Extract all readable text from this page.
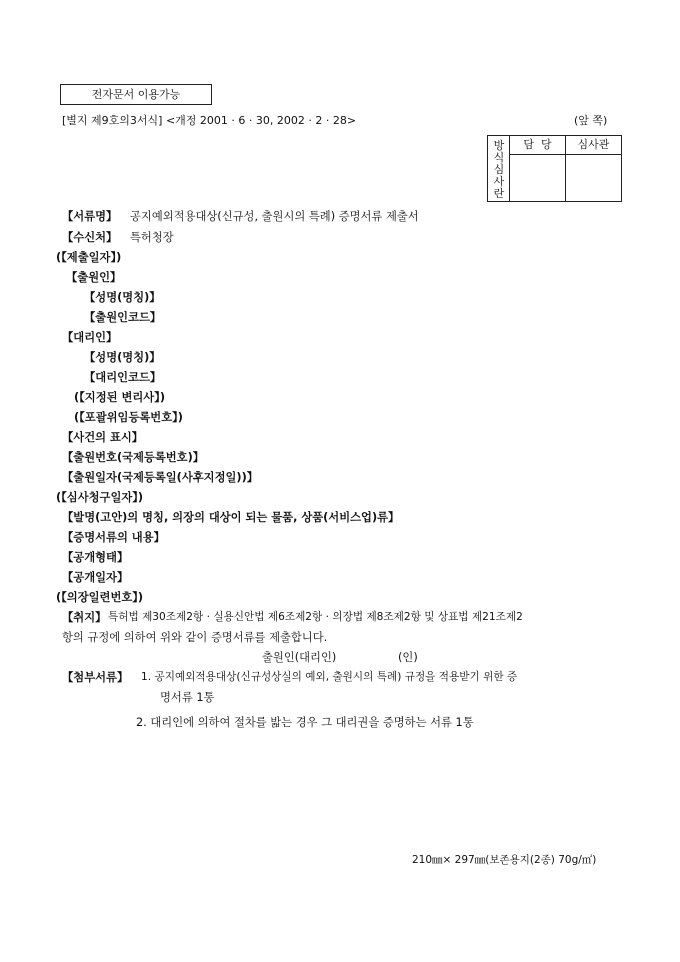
전자문서 이용가능
[별지 제9호의3서식] <개정 2001 · 6 · 30, 2002 · 2 · 28>	(앞 쪽)
방
식
심
사
란
담  당	심사관
【서류명】 공지예외적용대상(신규성, 출원시의 특례) 증명서류 제출서
【수신처】 특허청장
(【제출일자】)
【출원인】
【성명(명칭)】
【출원인코드】
【대리인】
【성명(명칭)】
【대리인코드】
(【지정된 변리사】)
(【포괄위임등록번호】)
【사건의 표시】
【출원번호(국제등록번호)】
【출원일자(국제등록일(사후지정일))】
(【심사청구일자】)
【발명(고안)의 명칭, 의장의 대상이 되는 물품, 상품(서비스업)류】
【증명서류의 내용】
【공개형태】
【공개일자】
(【의장일련번호】)
【취지】 특허법 제30조제2항 · 실용신안법 제6조제2항 · 의장법 제8조제2항 및 상표법 제21조제2
항의 규정에 의하여 위와 같이 증명서류를 제출합니다.
출원인(대리인)	(인)
【첨부서류】 1. 공지예외적용대상(신규성상실의 예외, 출원시의 특례) 규정을 적용받기 위한 증
명서류 1통
2. 대리인에 의하여 절차를 밟는 경우 그 대리권을 증명하는 서류 1통
210㎜× 297㎜(보존용지(2종) 70g/㎡)
